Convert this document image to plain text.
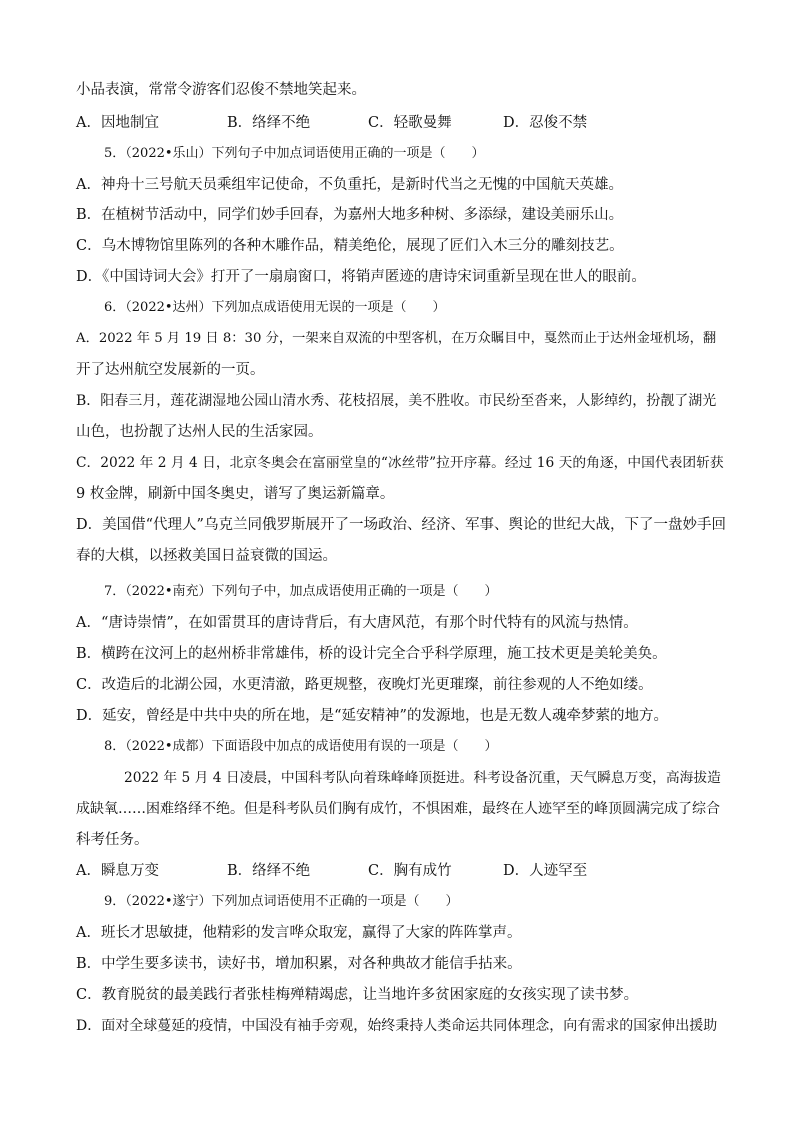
小品表演，常常令游客们忍俊不禁地笑起来。
A．因地制宜	B．络绎不绝	C．轻歌曼舞	D．忍俊不禁
5．（2022•乐山）下列句子中加点词语使用正确的一项是（　　）
A．神舟十三号航天员乘组牢记使命，不负重托，是新时代当之无愧的中国航天英雄。
B．在植树节活动中，同学们妙手回春，为嘉州大地多种树、多添绿，建设美丽乐山。
C．乌木博物馆里陈列的各种木雕作品，精美绝伦，展现了匠们入木三分的雕刻技艺。
D．《中国诗词大会》打开了一扇扇窗口，将销声匿迹的唐诗宋词重新呈现在世人的眼前。
6．（2022•达州）下列加点成语使用无误的一项是（　　）
A．2022 年 5 月 19 日 8：30 分，一架来自双流的中型客机，在万众瞩目中，戛然而止于达州金垭机场，翻
开了达州航空发展新的一页。
B．阳春三月，莲花湖湿地公园山清水秀、花枝招展，美不胜收。市民纷至沓来，人影绰约，扮靓了湖光
山色，也扮靓了达州人民的生活家园。
C．2022 年 2 月 4 日，北京冬奥会在富丽堂皇的“冰丝带”拉开序幕。经过 16 天的角逐，中国代表团斩获
9 枚金牌，刷新中国冬奥史，谱写了奥运新篇章。
D．美国借“代理人”乌克兰同俄罗斯展开了一场政治、经济、军事、舆论的世纪大战，下了一盘妙手回
春的大棋，以拯救美国日益衰微的国运。
7．（2022•南充）下列句子中，加点成语使用正确的一项是（　　）
A．“唐诗崇情”，在如雷贯耳的唐诗背后，有大唐风范，有那个时代特有的风流与热情。
B．横跨在汶河上的赵州桥非常雄伟，桥的设计完全合乎科学原理，施工技术更是美轮美奂。
C．改造后的北湖公园，水更清澈，路更规整，夜晚灯光更璀璨，前往参观的人不绝如缕。
D．延安，曾经是中共中央的所在地，是“延安精神”的发源地，也是无数人魂牵梦萦的地方。
8．（2022•成都）下面语段中加点的成语使用有误的一项是（　　）
2022 年 5 月 4 日凌晨，中国科考队向着珠峰峰顶挺进。科考设备沉重，天气瞬息万变，高海拔造
成缺氧……困难络绎不绝。但是科考队员们胸有成竹，不惧困难，最终在人迹罕至的峰顶圆满完成了综合
科考任务。
A．瞬息万变	B．络绎不绝	C．胸有成竹	D．人迹罕至
9．（2022•遂宁）下列加点词语使用不正确的一项是（　　）
A．班长才思敏捷，他精彩的发言哗众取宠，赢得了大家的阵阵掌声。
B．中学生要多读书，读好书，增加积累，对各种典故才能信手拈来。
C．教育脱贫的最美践行者张桂梅殚精竭虑，让当地许多贫困家庭的女孩实现了读书梦。
D．面对全球蔓延的疫情，中国没有袖手旁观，始终秉持人类命运共同体理念，向有需求的国家伸出援助
